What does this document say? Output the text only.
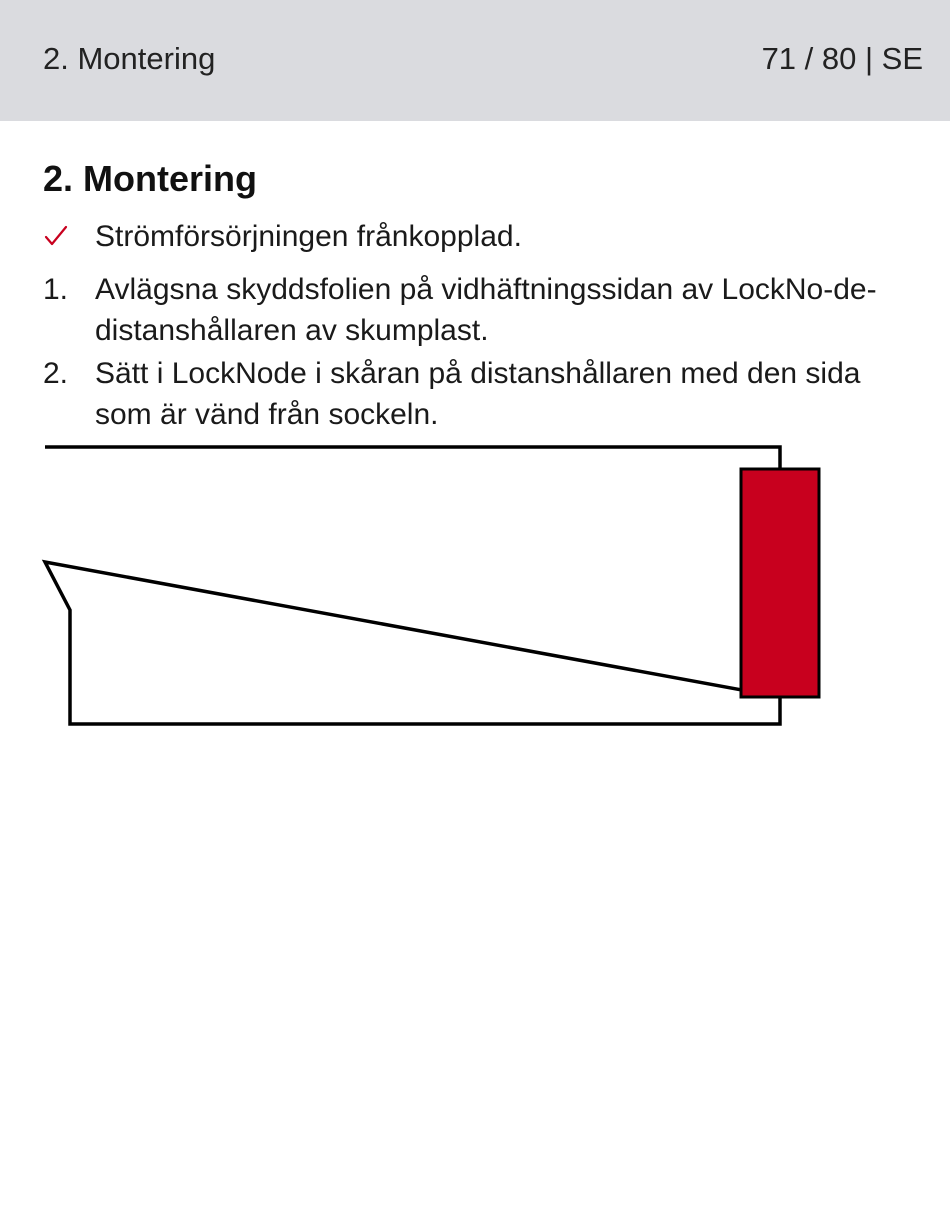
2. Montering	71 / 80 | SE
2. Montering
Strömförsörjningen frånkopplad.
1. Avlägsna skyddsfolien på vidhäftningssidan av LockNo-de-distanshållaren av skumplast.
2. Sätt i LockNode i skåran på distanshållaren med den sida som är vänd från sockeln.
